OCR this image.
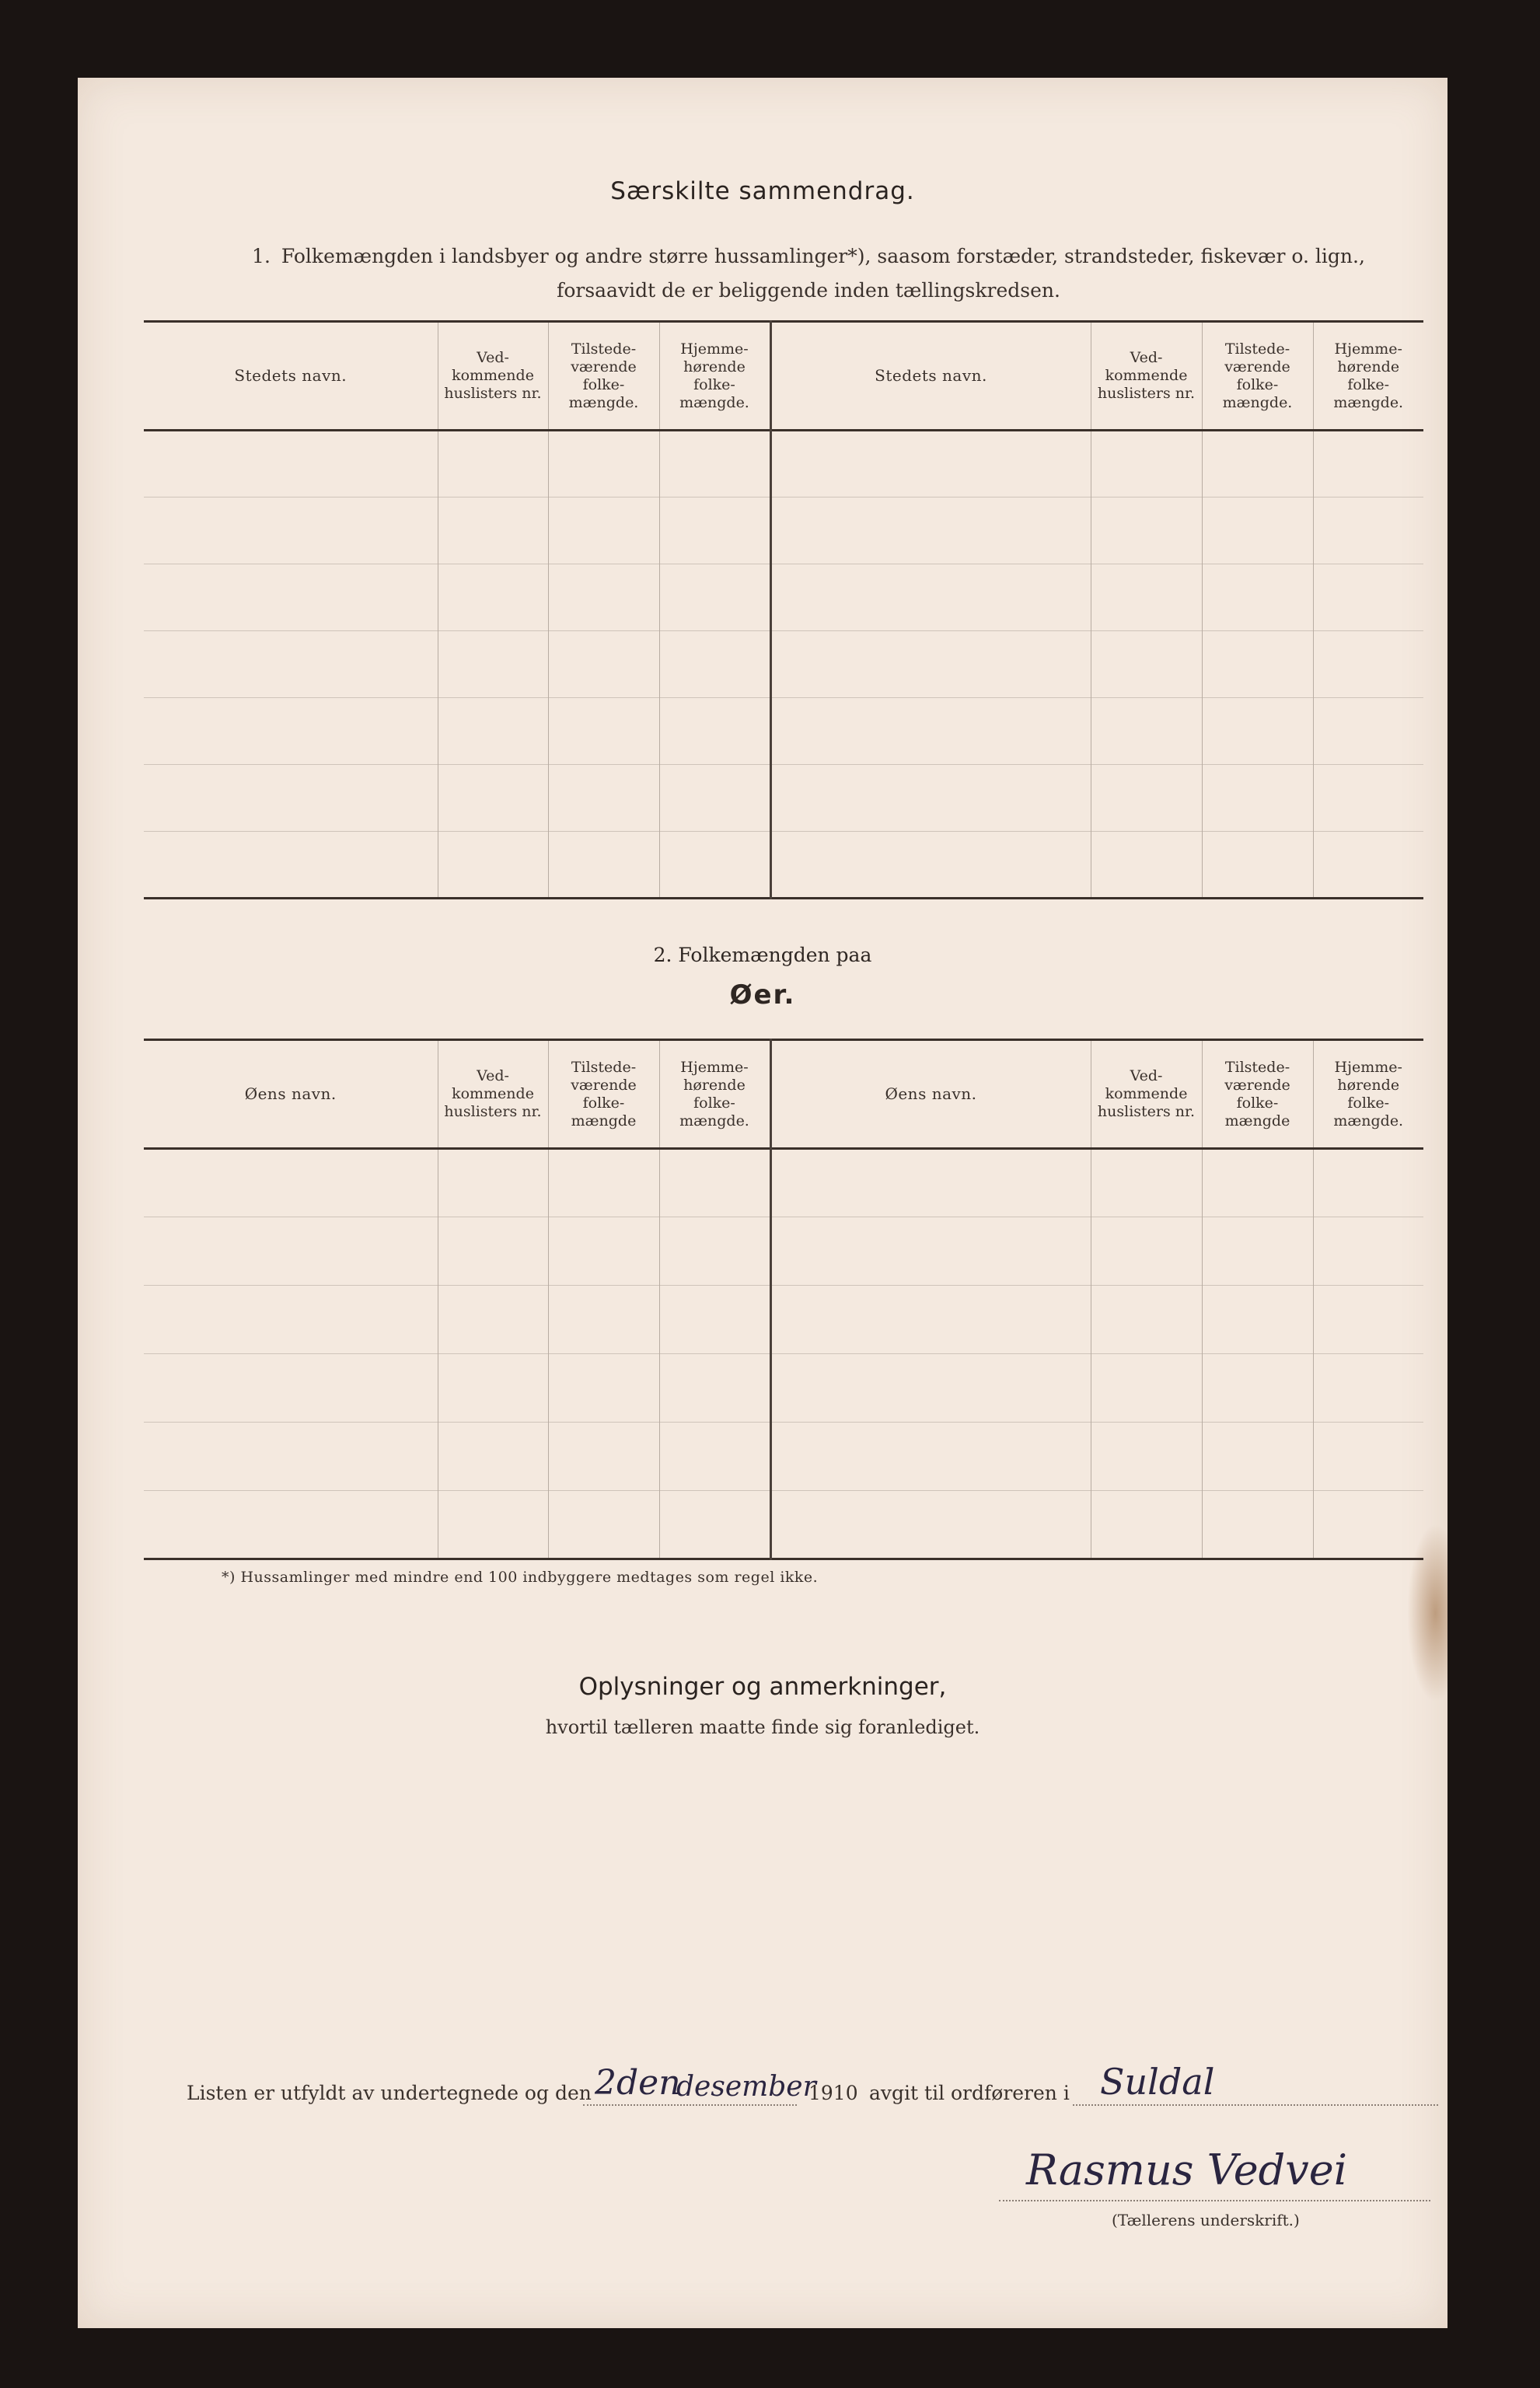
Særskilte sammendrag.
1. Folkemængden i landsbyer og andre større hussamlinger*), saasom forstæder, strandsteder, fiskevær o. lign., forsaavidt de er beliggende inden tællingskredsen.
Stedets navn.	Ved-kommende huslisters nr.	Tilstede-værende folke-mængde.	Hjemme-hørende folke-mængde.	Stedets navn.	Ved-kommende huslisters nr.	Tilstede-værende folke-mængde.	Hjemme-hørende folke-mængde.

2. Folkemængden paa
Øer.
Øens navn.	Ved-kommende huslisters nr.	Tilstede-værende folke-mængde	Hjemme-hørende folke-mængde.	Øens navn.	Ved-kommende huslisters nr.	Tilstede-værende folke-mængde	Hjemme-hørende folke-mængde.

*) Hussamlinger med mindre end 100 indbyggere medtages som regel ikke.
Oplysninger og anmerkninger,
hvortil tælleren maatte finde sig foranlediget.
Listen er utfyldt av undertegnede og den 2den
desember
1910 avgit til ordføreren i Suldal
Rasmus Vedvei
(Tællerens underskrift.)
